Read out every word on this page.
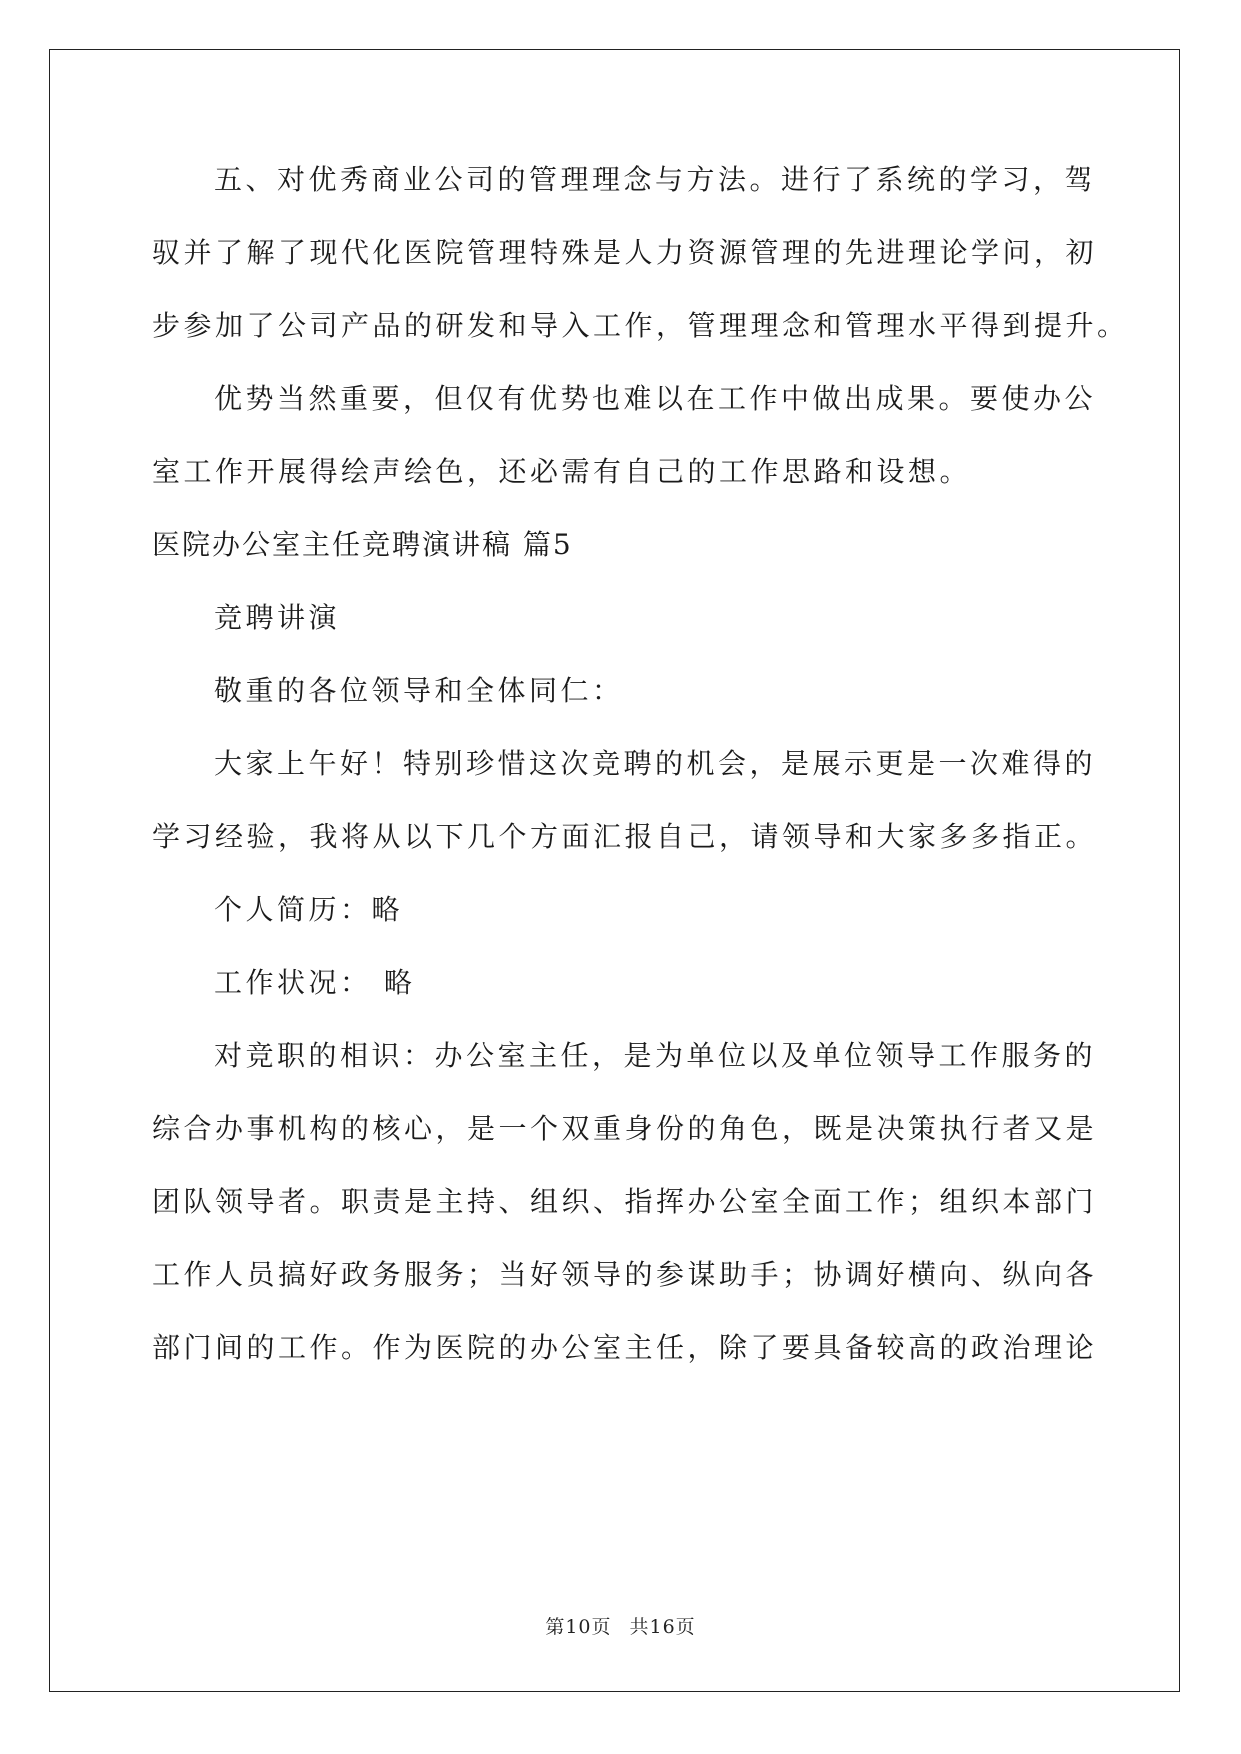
五、对优秀商业公司的管理理念与方法。进行了系统的学习，驾
驭并了解了现代化医院管理特殊是人力资源管理的先进理论学问，初
步参加了公司产品的研发和导入工作，管理理念和管理水平得到提升。
优势当然重要，但仅有优势也难以在工作中做出成果。要使办公
室工作开展得绘声绘色，还必需有自己的工作思路和设想。
医院办公室主任竞聘演讲稿 篇5
竞聘讲演
敬重的各位领导和全体同仁：
大家上午好！特别珍惜这次竞聘的机会，是展示更是一次难得的
学习经验，我将从以下几个方面汇报自己，请领导和大家多多指正。
个人简历：略
工作状况： 略
对竞职的相识：办公室主任，是为单位以及单位领导工作服务的
综合办事机构的核心，是一个双重身份的角色，既是决策执行者又是
团队领导者。职责是主持、组织、指挥办公室全面工作；组织本部门
工作人员搞好政务服务；当好领导的参谋助手；协调好横向、纵向各
部门间的工作。作为医院的办公室主任，除了要具备较高的政治理论
第10页 共16页
